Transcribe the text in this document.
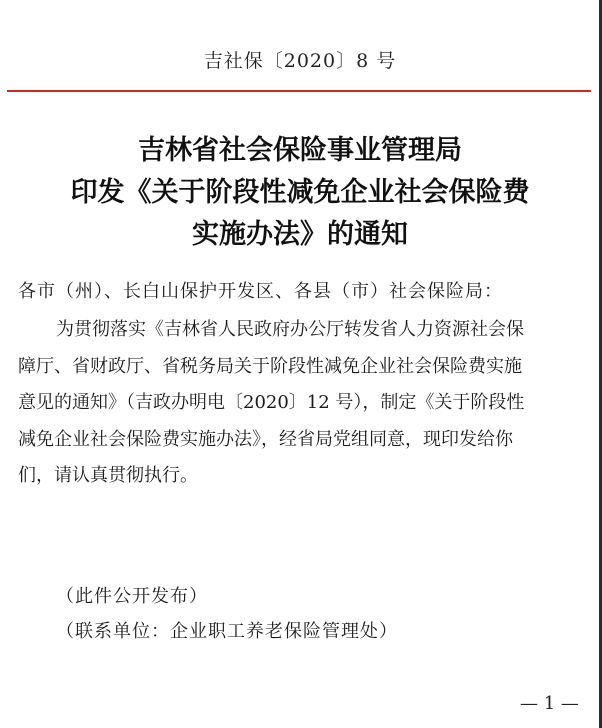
吉社保〔2020〕8 号
吉林省社会保险事业管理局
印发《关于阶段性减免企业社会保险费
实施办法》的通知
各市（州）、长白山保护开发区、各县（市）社会保险局：
为贯彻落实《吉林省人民政府办公厅转发省人力资源社会保
障厅、省财政厅、省税务局关于阶段性减免企业社会保险费实施
意见的通知》（吉政办明电〔2020〕12 号），制定《关于阶段性
减免企业社会保险费实施办法》，经省局党组同意，现印发给你
们，请认真贯彻执行。
（此件公开发布）
（联系单位：企业职工养老保险管理处）
— 1 —
